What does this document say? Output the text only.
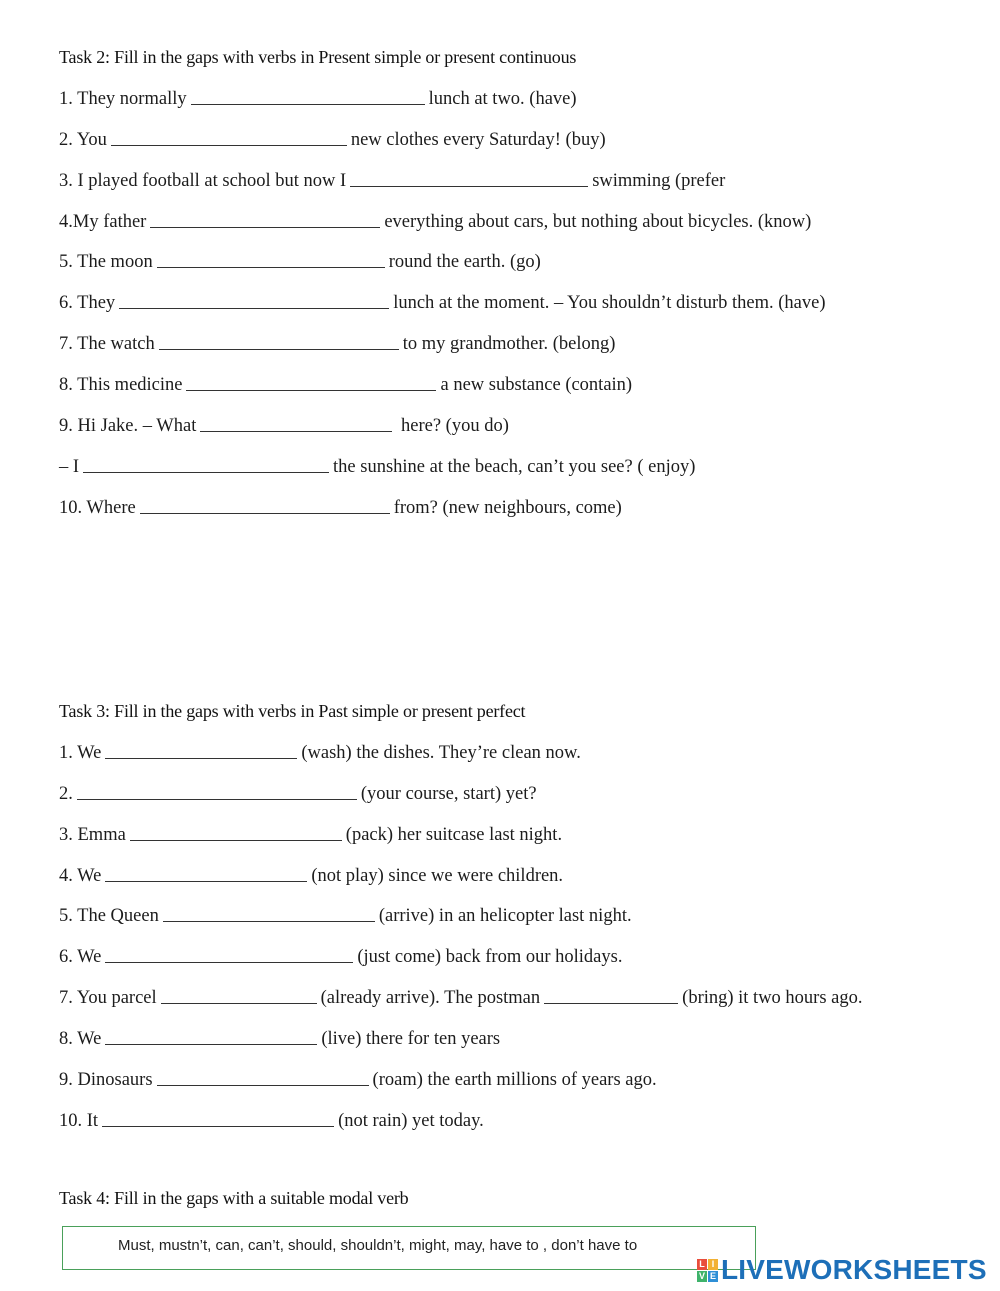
Task 2: Fill in the gaps with verbs in Present simple or present continuous
1. They normally	lunch at two. (have)
2. You	new clothes every Saturday! (buy)
3. I played football at school but now I	swimming (prefer
4.My father	everything about cars, but nothing about bicycles. (know)
5. The moon	round the earth. (go)
6. They	lunch at the moment. – You shouldn’t disturb them. (have)
7. The watch	to my grandmother. (belong)
8. This medicine	a new substance (contain)
9. Hi Jake. – What	here? (you do)
– I	the sunshine at the beach, can’t you see? ( enjoy)
10. Where	from? (new neighbours, come)
Task 3: Fill in the gaps with verbs in Past simple or present perfect
1. We	(wash) the dishes. They’re clean now.
2.	(your course, start) yet?
3. Emma	(pack) her suitcase last night.
4. We	(not play) since we were children.
5. The Queen	(arrive) in an helicopter last night.
6. We	(just come) back from our holidays.
7. You parcel	(already arrive). The postman	(bring) it two hours ago.
8. We	(live) there for ten years
9. Dinosaurs	(roam) the earth millions of years ago.
10. It	(not rain) yet today.
Task 4: Fill in the gaps with a suitable modal verb
Must, mustn’t, can, can’t, should, shouldn’t, might, may, have to , don’t have to
L I
V E LIVEWORKSHEETS
